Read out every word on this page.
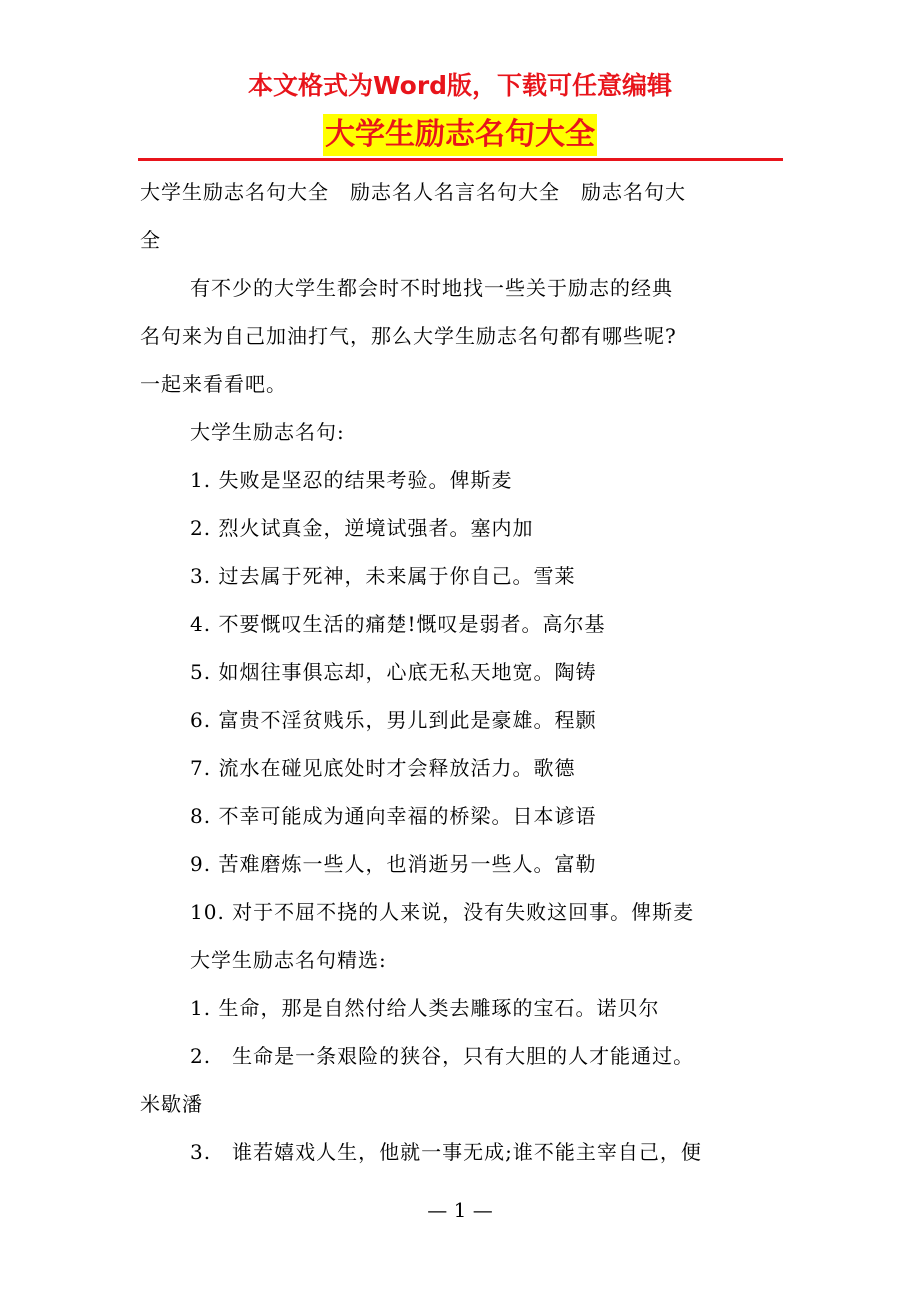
本文格式为Word版，下载可任意编辑
大学生励志名句大全

大学生励志名句大全　励志名人名言名句大全　励志名句大

全

有不少的大学生都会时不时地找一些关于励志的经典

名句来为自己加油打气，那么大学生励志名句都有哪些呢?

一起来看看吧。

大学生励志名句:

1. 失败是坚忍的结果考验。俾斯麦

2. 烈火试真金，逆境试强者。塞内加

3. 过去属于死神，未来属于你自己。雪莱

4. 不要慨叹生活的痛楚!慨叹是弱者。高尔基

5. 如烟往事俱忘却，心底无私天地宽。陶铸

6. 富贵不淫贫贱乐，男儿到此是豪雄。程颢

7. 流水在碰见底处时才会释放活力。歌德

8. 不幸可能成为通向幸福的桥梁。日本谚语

9. 苦难磨炼一些人，也消逝另一些人。富勒

10. 对于不屈不挠的人来说，没有失败这回事。俾斯麦

大学生励志名句精选:

1. 生命，那是自然付给人类去雕琢的宝石。诺贝尔

2.　生命是一条艰险的狭谷，只有大胆的人才能通过。

米歇潘

3.　谁若嬉戏人生，他就一事无成;谁不能主宰自己，便

— 1 —
